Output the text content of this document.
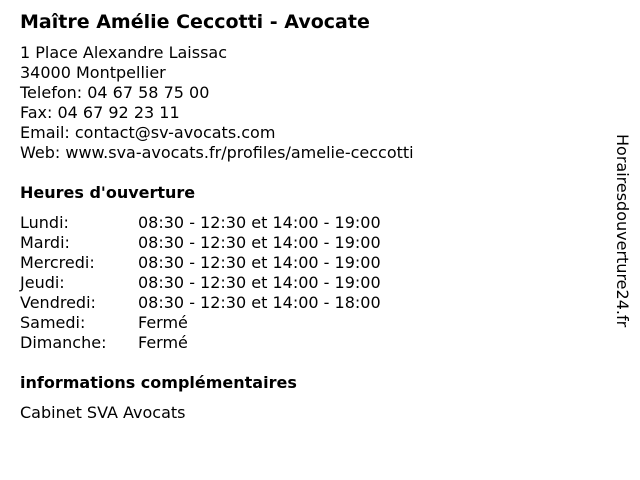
Maître Amélie Ceccotti - Avocate
1 Place Alexandre Laissac
34000 Montpellier
Telefon: 04 67 58 75 00
Fax: 04 67 92 23 11
Email: contact@sv-avocats.com
Web: www.sva-avocats.fr/profiles/amelie-ceccotti
Heures d'ouverture
Lundi:	08:30 - 12:30 et 14:00 - 19:00
Mardi:	08:30 - 12:30 et 14:00 - 19:00
Mercredi:	08:30 - 12:30 et 14:00 - 19:00
Jeudi:	08:30 - 12:30 et 14:00 - 19:00
Vendredi:	08:30 - 12:30 et 14:00 - 18:00
Samedi:	Fermé
Dimanche: Fermé
informations complémentaires
Cabinet SVA Avocats
Horairesdouverture24.fr
